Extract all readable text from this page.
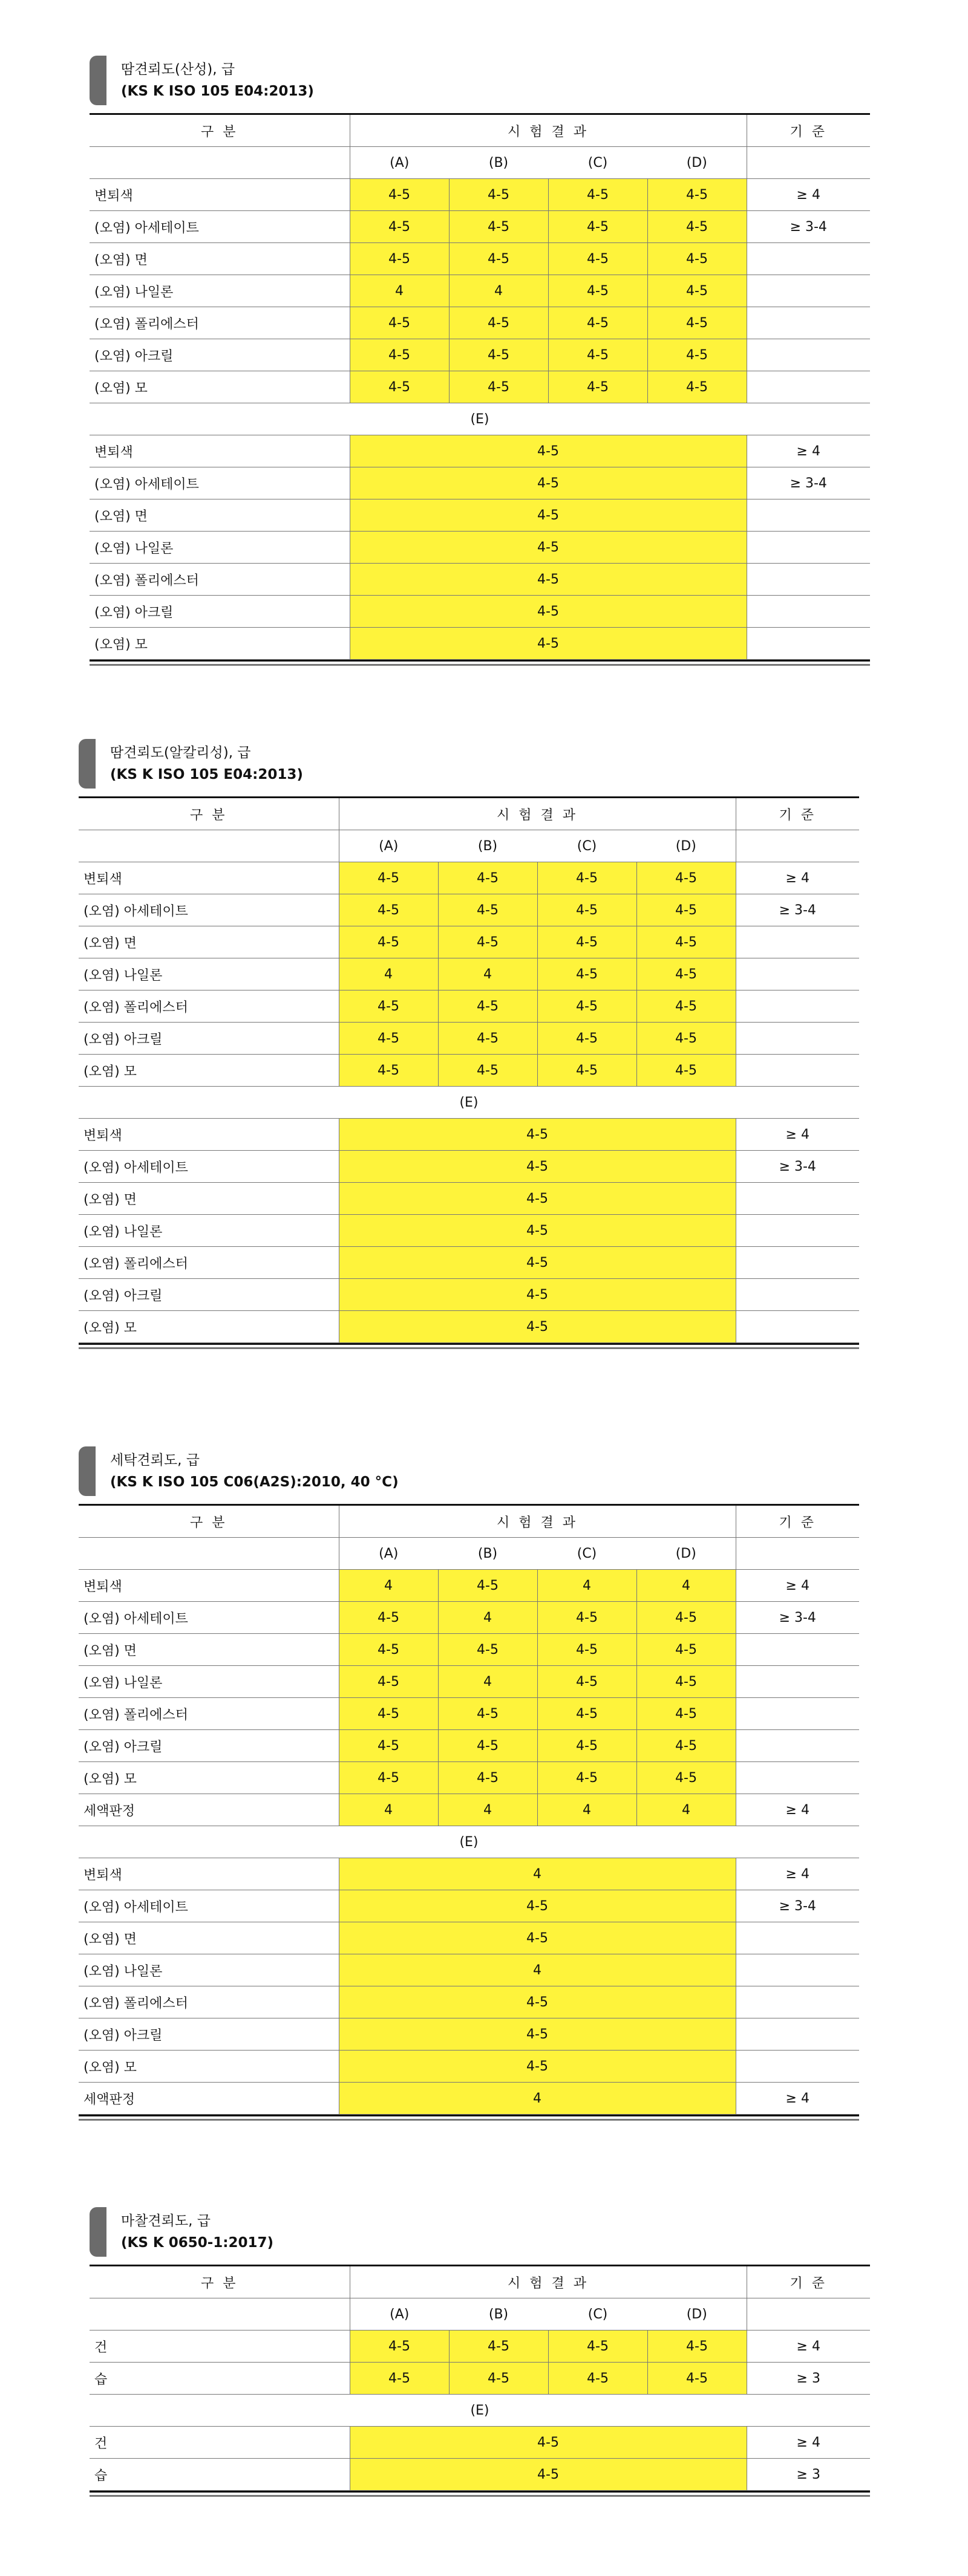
땀견뢰도(산성), 급
(KS K ISO 105 E04:2013)
구 분	시 험 결 과				기 준
	(A)	(B)	(C)	(D)	
변퇴색	4-5	4-5	4-5	4-5	≥ 4
(오염) 아세테이트	4-5	4-5	4-5	4-5	≥ 3-4
(오염) 면	4-5	4-5	4-5	4-5	
(오염) 나일론	4	4	4-5	4-5	
(오염) 폴리에스터	4-5	4-5	4-5	4-5	
(오염) 아크릴	4-5	4-5	4-5	4-5	
(오염) 모	4-5	4-5	4-5	4-5	
(E)					
변퇴색	4-5				≥ 4
(오염) 아세테이트	4-5				≥ 3-4
(오염) 면	4-5				
(오염) 나일론	4-5				
(오염) 폴리에스터	4-5				
(오염) 아크릴	4-5				
(오염) 모	4-5				
땀견뢰도(알칼리성), 급
(KS K ISO 105 E04:2013)
구 분	시 험 결 과				기 준
	(A)	(B)	(C)	(D)	
변퇴색	4-5	4-5	4-5	4-5	≥ 4
(오염) 아세테이트	4-5	4-5	4-5	4-5	≥ 3-4
(오염) 면	4-5	4-5	4-5	4-5	
(오염) 나일론	4	4	4-5	4-5	
(오염) 폴리에스터	4-5	4-5	4-5	4-5	
(오염) 아크릴	4-5	4-5	4-5	4-5	
(오염) 모	4-5	4-5	4-5	4-5	
(E)					
변퇴색	4-5				≥ 4
(오염) 아세테이트	4-5				≥ 3-4
(오염) 면	4-5				
(오염) 나일론	4-5				
(오염) 폴리에스터	4-5				
(오염) 아크릴	4-5				
(오염) 모	4-5				
세탁견뢰도, 급
(KS K ISO 105 C06(A2S):2010, 40 °C)
구 분	시 험 결 과				기 준
	(A)	(B)	(C)	(D)	
변퇴색	4	4-5	4	4	≥ 4
(오염) 아세테이트	4-5	4	4-5	4-5	≥ 3-4
(오염) 면	4-5	4-5	4-5	4-5	
(오염) 나일론	4-5	4	4-5	4-5	
(오염) 폴리에스터	4-5	4-5	4-5	4-5	
(오염) 아크릴	4-5	4-5	4-5	4-5	
(오염) 모	4-5	4-5	4-5	4-5	
세액판정	4	4	4	4	≥ 4
(E)					
변퇴색	4				≥ 4
(오염) 아세테이트	4-5				≥ 3-4
(오염) 면	4-5				
(오염) 나일론	4				
(오염) 폴리에스터	4-5				
(오염) 아크릴	4-5				
(오염) 모	4-5				
세액판정	4				≥ 4
마찰견뢰도, 급
(KS K 0650-1:2017)
구 분	시 험 결 과				기 준
	(A)	(B)	(C)	(D)	
건	4-5	4-5	4-5	4-5	≥ 4
습	4-5	4-5	4-5	4-5	≥ 3
(E)					
건	4-5				≥ 4
습	4-5				≥ 3
